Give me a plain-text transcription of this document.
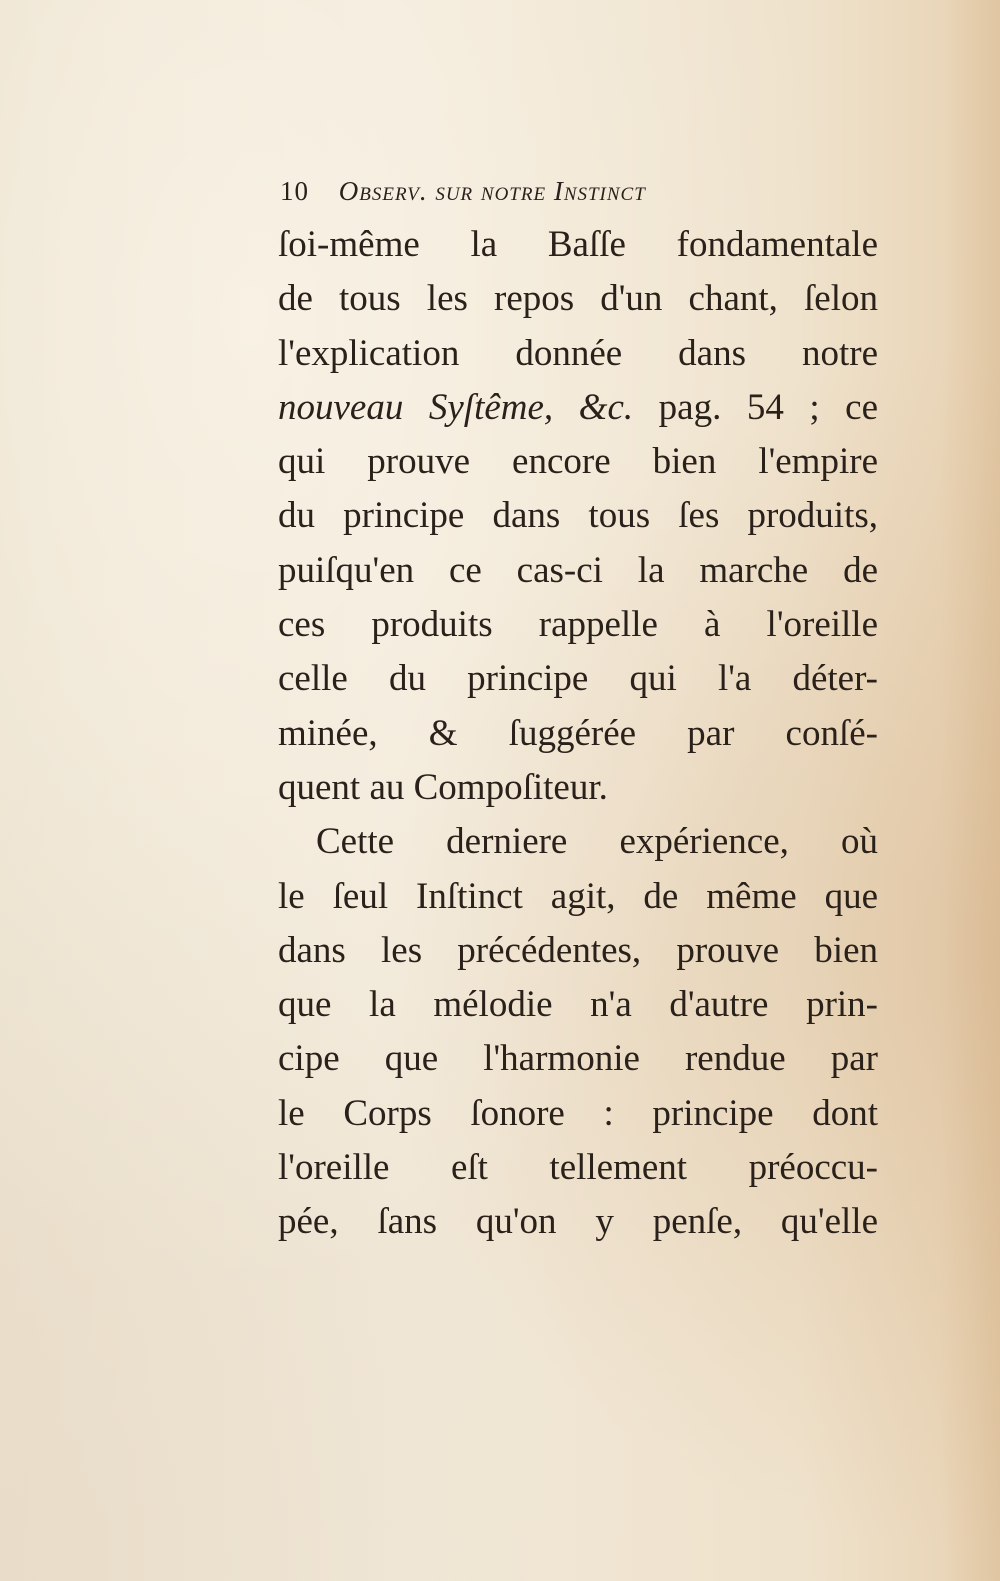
10 Observ. sur notre Instinct
ſoi-même la Baſſe fondamentale
de tous les repos d'un chant, ſelon
l'explication donnée dans notre
nouveau Syſtême, &c. pag. 54 ; ce
qui prouve encore bien l'empire
du principe dans tous ſes produits,
puiſqu'en ce cas-ci la marche de
ces produits rappelle à l'oreille
celle du principe qui l'a déter-
minée, & ſuggérée par conſé-
quent au Compoſiteur.
Cette derniere expérience, où
le ſeul Inſtinct agit, de même que
dans les précédentes, prouve bien
que la mélodie n'a d'autre prin-
cipe que l'harmonie rendue par
le Corps ſonore : principe dont
l'oreille eſt tellement préoccu-
pée, ſans qu'on y penſe, qu'elle
